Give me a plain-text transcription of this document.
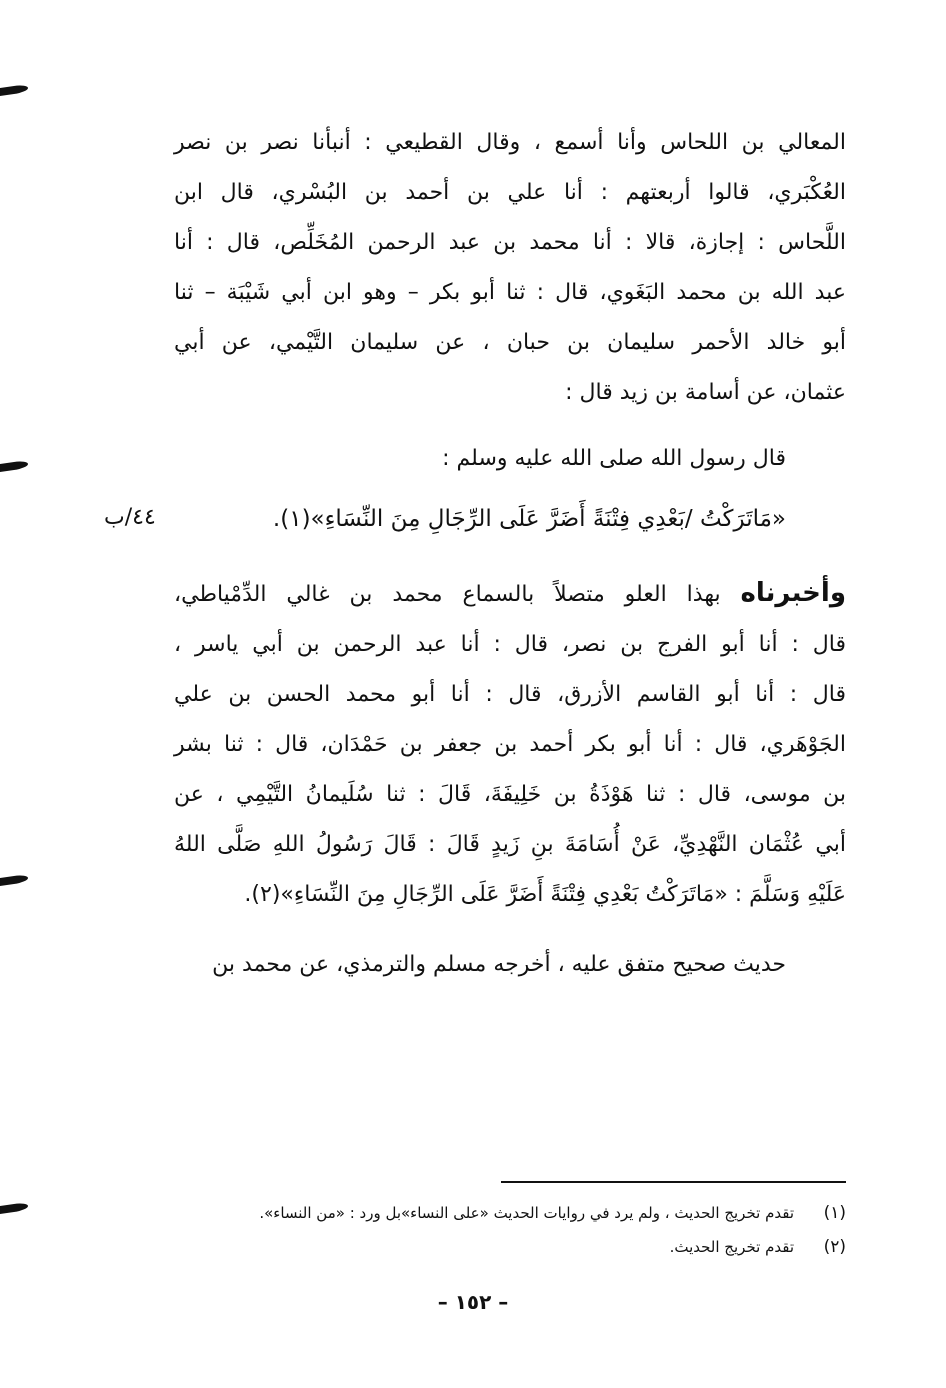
المعالي بن اللحاس وأنا أسمع ، وقال القطيعي : أنبأنا نصر بن نصر
العُكْبَري، قالوا أربعتهم : أنا علي بن أحمد بن البُسْري، قال ابن
اللَّحاس : إجازة، قالا : أنا محمد بن عبد الرحمن المُخَلِّص، قال : أنا
عبد الله بن محمد البَغَوي، قال : ثنا أبو بكر – وهو ابن أبي شَيْبَة – ثنا
أبو خالد الأحمر سليمان بن حبان ، عن سليمان التَّيْمي، عن أبي
عثمان، عن أسامة بن زيد قال :
قال رسول الله صلى الله عليه وسلم :
«مَاتَرَكْتُ /بَعْدِي فِتْنَةً أَضَرَّ عَلَى الرِّجَالِ مِنَ النِّسَاءِ»(١).
٤٤/ب
وأخبرناه بهذا العلو متصلاً بالسماع محمد بن غالي الدِّمْياطي،
قال : أنا أبو الفرج بن نصر، قال : أنا عبد الرحمن بن أبي ياسر ،
قال : أنا أبو القاسم الأزرق، قال : أنا أبو محمد الحسن بن علي
الجَوْهَري، قال : أنا أبو بكر أحمد بن جعفر بن حَمْدَان، قال : ثنا بشر
بن موسى، قال : ثنا هَوْذَةُ بن خَلِيفَةَ، قَالَ : ثنا سُلَيمانُ التَّيْمِي ، عن
أبي عُثْمَان النَّهْدِيِّ، عَنْ أُسَامَةَ بنِ زَيدٍ قَالَ : قَالَ رَسُولُ اللهِ صَلَّى اللهُ
عَلَيْهِ وَسَلَّمَ : «مَاتَرَكْتُ بَعْدِي فِتْنَةً أَضَرَّ عَلَى الرِّجَالِ مِنَ النِّسَاءِ»(٢).
حديث صحيح متفق عليه ، أخرجه مسلم والترمذي، عن محمد بن
(١)تقدم تخريج الحديث ، ولم يرد في روايات الحديث «على النساء»بل ورد : «من النساء».
(٢)تقدم تخريج الحديث.
– ١٥٢ –
